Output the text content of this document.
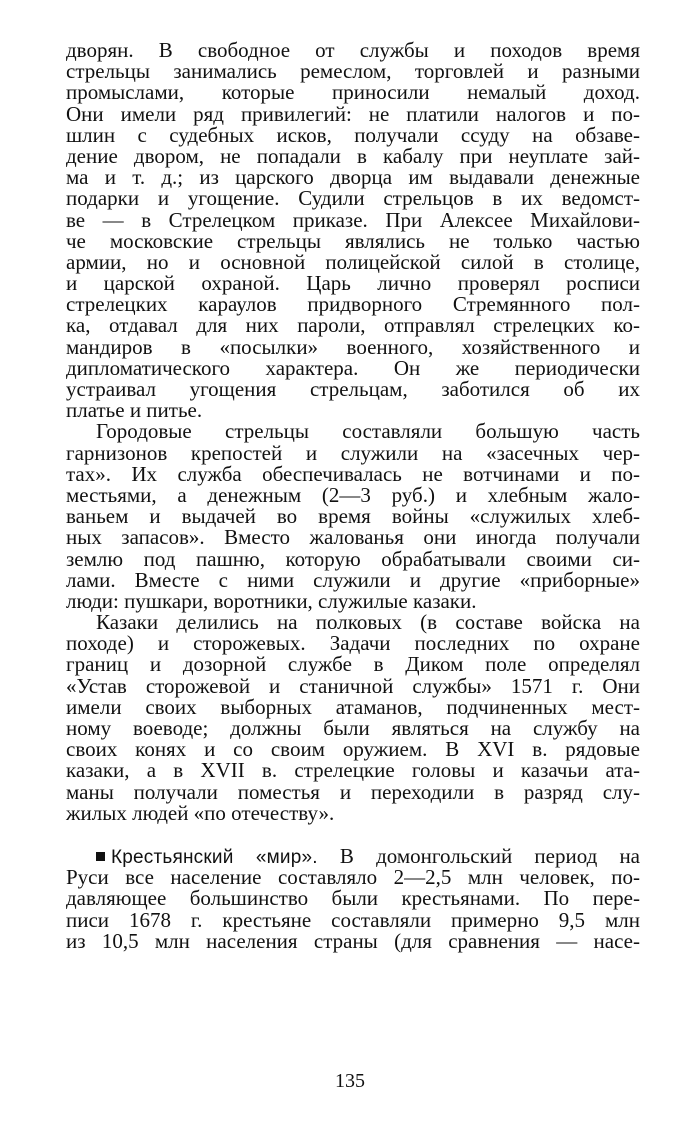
дворян. В свободное от службы и походов время
стрельцы занимались ремеслом, торговлей и разными
промыслами, которые приносили немалый доход.
Они имели ряд привилегий: не платили налогов и по-
шлин с судебных исков, получали ссуду на обзаве-
дение двором, не попадали в кабалу при неуплате зай-
ма и т. д.; из царского дворца им выдавали денежные
подарки и угощение. Судили стрельцов в их ведомст-
ве — в Стрелецком приказе. При Алексее Михайлови-
че московские стрельцы являлись не только частью
армии, но и основной полицейской силой в столице,
и царской охраной. Царь лично проверял росписи
стрелецких караулов придворного Стремянного пол-
ка, отдавал для них пароли, отправлял стрелецких ко-
мандиров в «посылки» военного, хозяйственного и
дипломатического характера. Он же периодически
устраивал угощения стрельцам, заботился об их
платье и питье.
Городовые стрельцы составляли большую часть
гарнизонов крепостей и служили на «засечных чер-
тах». Их служба обеспечивалась не вотчинами и по-
местьями, а денежным (2—3 руб.) и хлебным жало-
ваньем и выдачей во время войны «служилых хлеб-
ных запасов». Вместо жалованья они иногда получали
землю под пашню, которую обрабатывали своими си-
лами. Вместе с ними служили и другие «приборные»
люди: пушкари, воротники, служилые казаки.
Казаки делились на полковых (в составе войска на
походе) и сторожевых. Задачи последних по охране
границ и дозорной службе в Диком поле определял
«Устав сторожевой и станичной службы» 1571 г. Они
имели своих выборных атаманов, подчиненных мест-
ному воеводе; должны были являться на службу на
своих конях и со своим оружием. В XVI в. рядовые
казаки, а в XVII в. стрелецкие головы и казачьи ата-
маны получали поместья и переходили в разряд слу-
жилых людей «по отечеству».
Крестьянский «мир». В домонгольский период на
Руси все население составляло 2—2,5 млн человек, по-
давляющее большинство были крестьянами. По пере-
писи 1678 г. крестьяне составляли примерно 9,5 млн
из 10,5 млн населения страны (для сравнения — насе-
135
